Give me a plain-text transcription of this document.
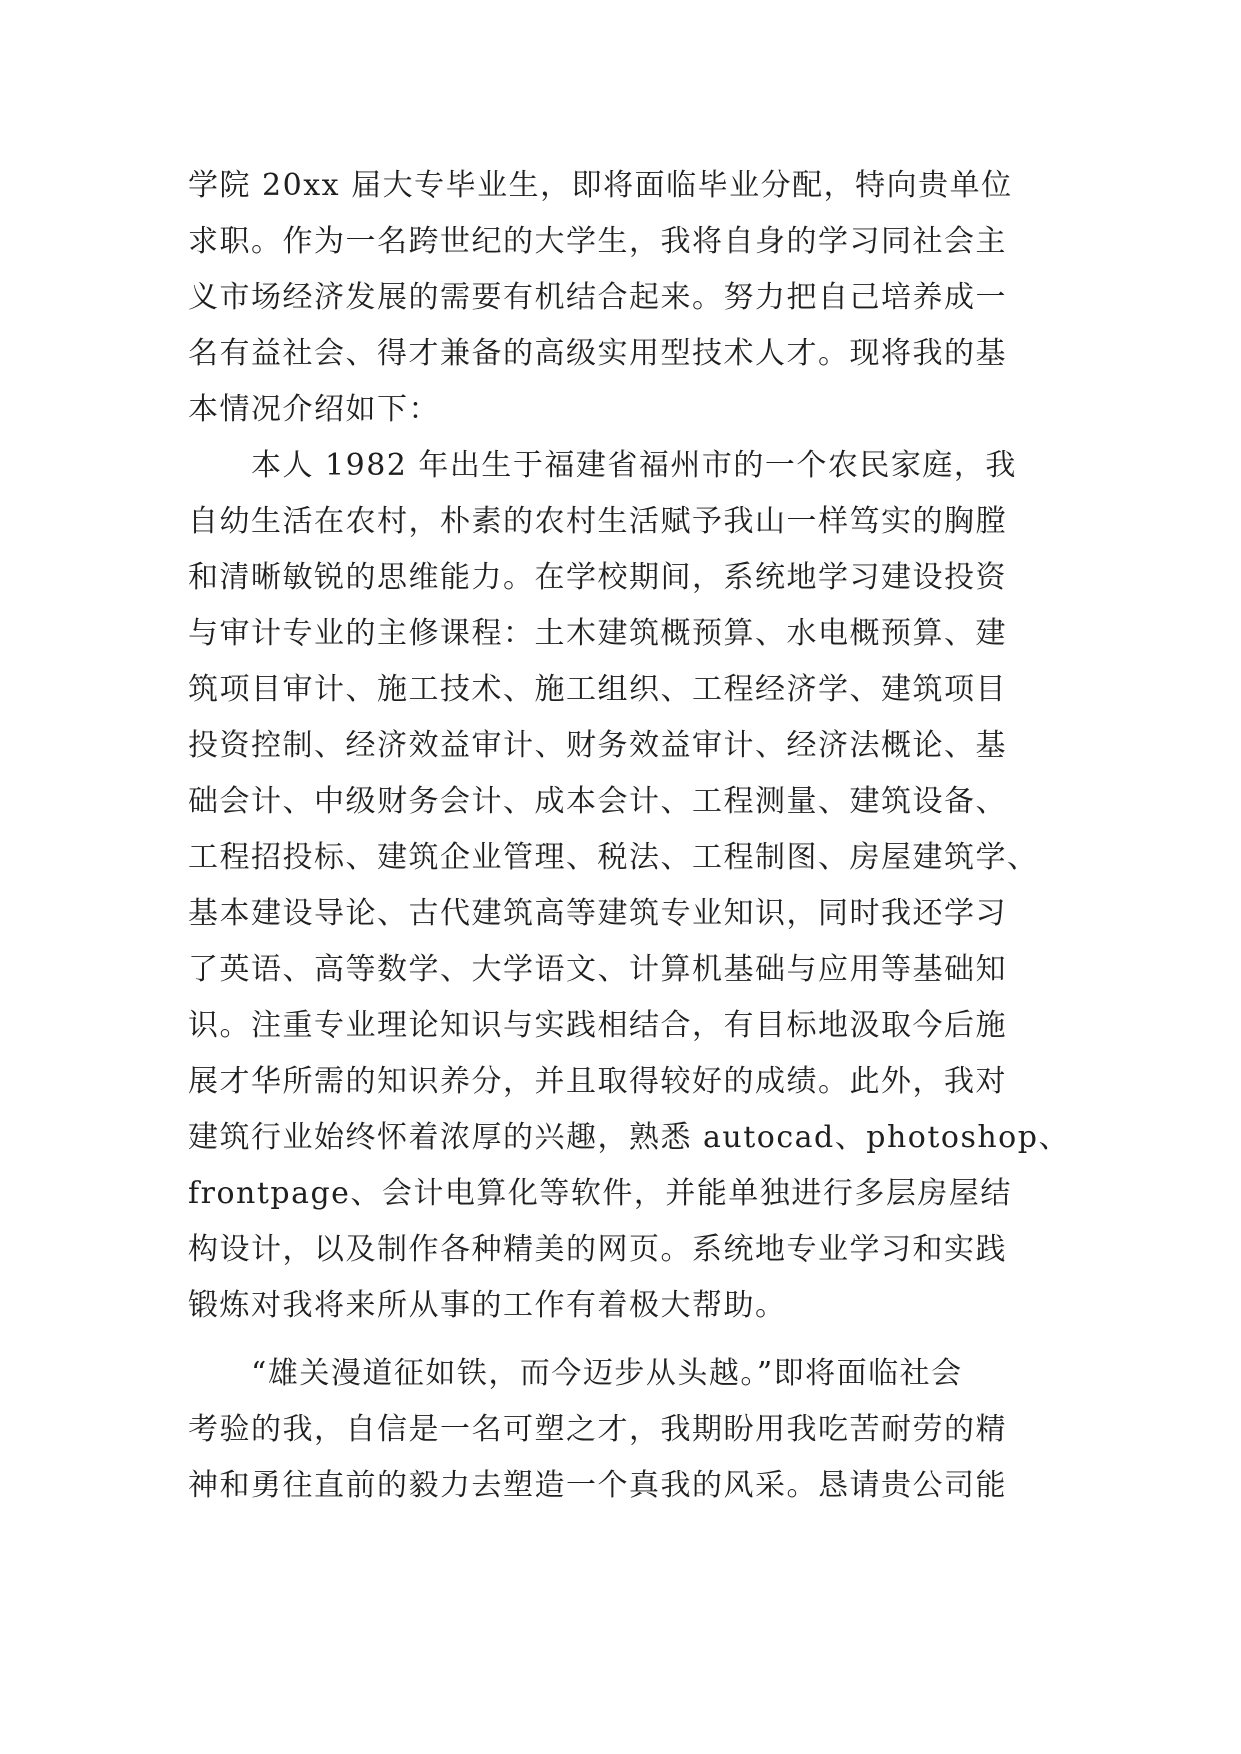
学院 20xx 届大专毕业生，即将面临毕业分配，特向贵单位
求职。作为一名跨世纪的大学生，我将自身的学习同社会主
义市场经济发展的需要有机结合起来。努力把自己培养成一
名有益社会、得才兼备的高级实用型技术人才。现将我的基
本情况介绍如下：
　　本人 1982 年出生于福建省福州市的一个农民家庭，我
自幼生活在农村，朴素的农村生活赋予我山一样笃实的胸膛
和清晰敏锐的思维能力。在学校期间，系统地学习建设投资
与审计专业的主修课程：土木建筑概预算、水电概预算、建
筑项目审计、施工技术、施工组织、工程经济学、建筑项目
投资控制、经济效益审计、财务效益审计、经济法概论、基
础会计、中级财务会计、成本会计、工程测量、建筑设备、
工程招投标、建筑企业管理、税法、工程制图、房屋建筑学、
基本建设导论、古代建筑高等建筑专业知识，同时我还学习
了英语、高等数学、大学语文、计算机基础与应用等基础知
识。注重专业理论知识与实践相结合，有目标地汲取今后施
展才华所需的知识养分，并且取得较好的成绩。此外，我对
建筑行业始终怀着浓厚的兴趣，熟悉 autocad、photoshop、
frontpage、会计电算化等软件，并能单独进行多层房屋结
构设计，以及制作各种精美的网页。系统地专业学习和实践
锻炼对我将来所从事的工作有着极大帮助。
　　“雄关漫道征如铁，而今迈步从头越。”即将面临社会
考验的我，自信是一名可塑之才，我期盼用我吃苦耐劳的精
神和勇往直前的毅力去塑造一个真我的风采。恳请贵公司能
